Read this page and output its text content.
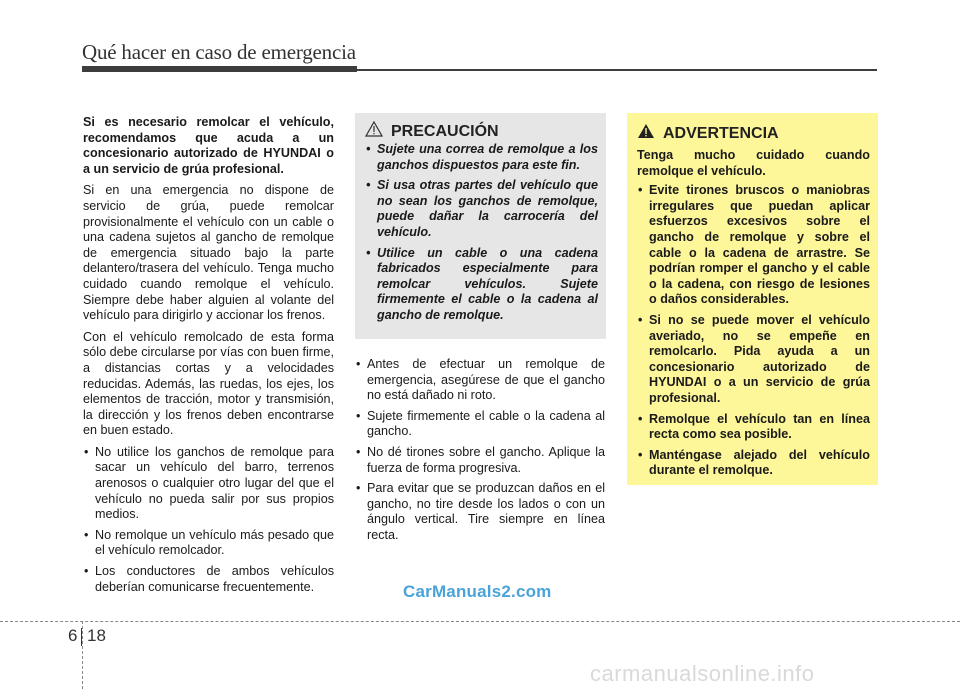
Qué hacer en caso de emergencia

Si es necesario remolcar el vehículo, recomendamos que acuda a un concesionario autorizado de HYUNDAI o a un servicio de grúa profesional.

Si en una emergencia no dispone de servicio de grúa, puede remolcar provisionalmente el vehículo con un cable o una cadena sujetos al gancho de remolque de emergencia situado bajo la parte delantero/trasera del vehículo. Tenga mucho cuidado cuando remolque el vehículo. Siempre debe haber alguien al volante del vehículo para dirigirlo y accionar los frenos.

Con el vehículo remolcado de esta forma sólo debe circularse por vías con buen firme, a distancias cortas y a velocidades reducidas. Además, las ruedas, los ejes, los elementos de tracción, motor y transmisión, la dirección y los frenos deben encontrarse en buen estado.

• No utilice los ganchos de remolque para sacar un vehículo del barro, terrenos arenosos o cualquier otro lugar del que el vehículo no pueda salir por sus propios medios.
• No remolque un vehículo más pesado que el vehículo remolcador.
• Los conductores de ambos vehículos deberían comunicarse frecuentemente.
PRECAUCIÓN
• Sujete una correa de remolque a los ganchos dispuestos para este fin.
• Si usa otras partes del vehículo que no sean los ganchos de remolque, puede dañar la carrocería del vehículo.
• Utilice un cable o una cadena fabricados especialmente para remolcar vehículos. Sujete firmemente el cable o la cadena al gancho de remolque.
• Antes de efectuar un remolque de emergencia, asegúrese de que el gancho no está dañado ni roto.
• Sujete firmemente el cable o la cadena al gancho.
• No dé tirones sobre el gancho. Aplique la fuerza de forma progresiva.
• Para evitar que se produzcan daños en el gancho, no tire desde los lados o con un ángulo vertical. Tire siempre en línea recta.
ADVERTENCIA

Tenga mucho cuidado cuando remolque el vehículo.

• Evite tirones bruscos o maniobras irregulares que puedan aplicar esfuerzos excesivos sobre el gancho de remolque y sobre el cable o la cadena de arrastre. Se podrían romper el gancho y el cable o la cadena, con riesgo de lesiones o daños considerables.
• Si no se puede mover el vehículo averiado, no se empeñe en remolcarlo. Pida ayuda a un concesionario autorizado de HYUNDAI o a un servicio de grúa profesional.
• Remolque el vehículo tan en línea recta como sea posible.
• Manténgase alejado del vehículo durante el remolque.
CarManuals2.com
6 18
carmanualsonline.info
